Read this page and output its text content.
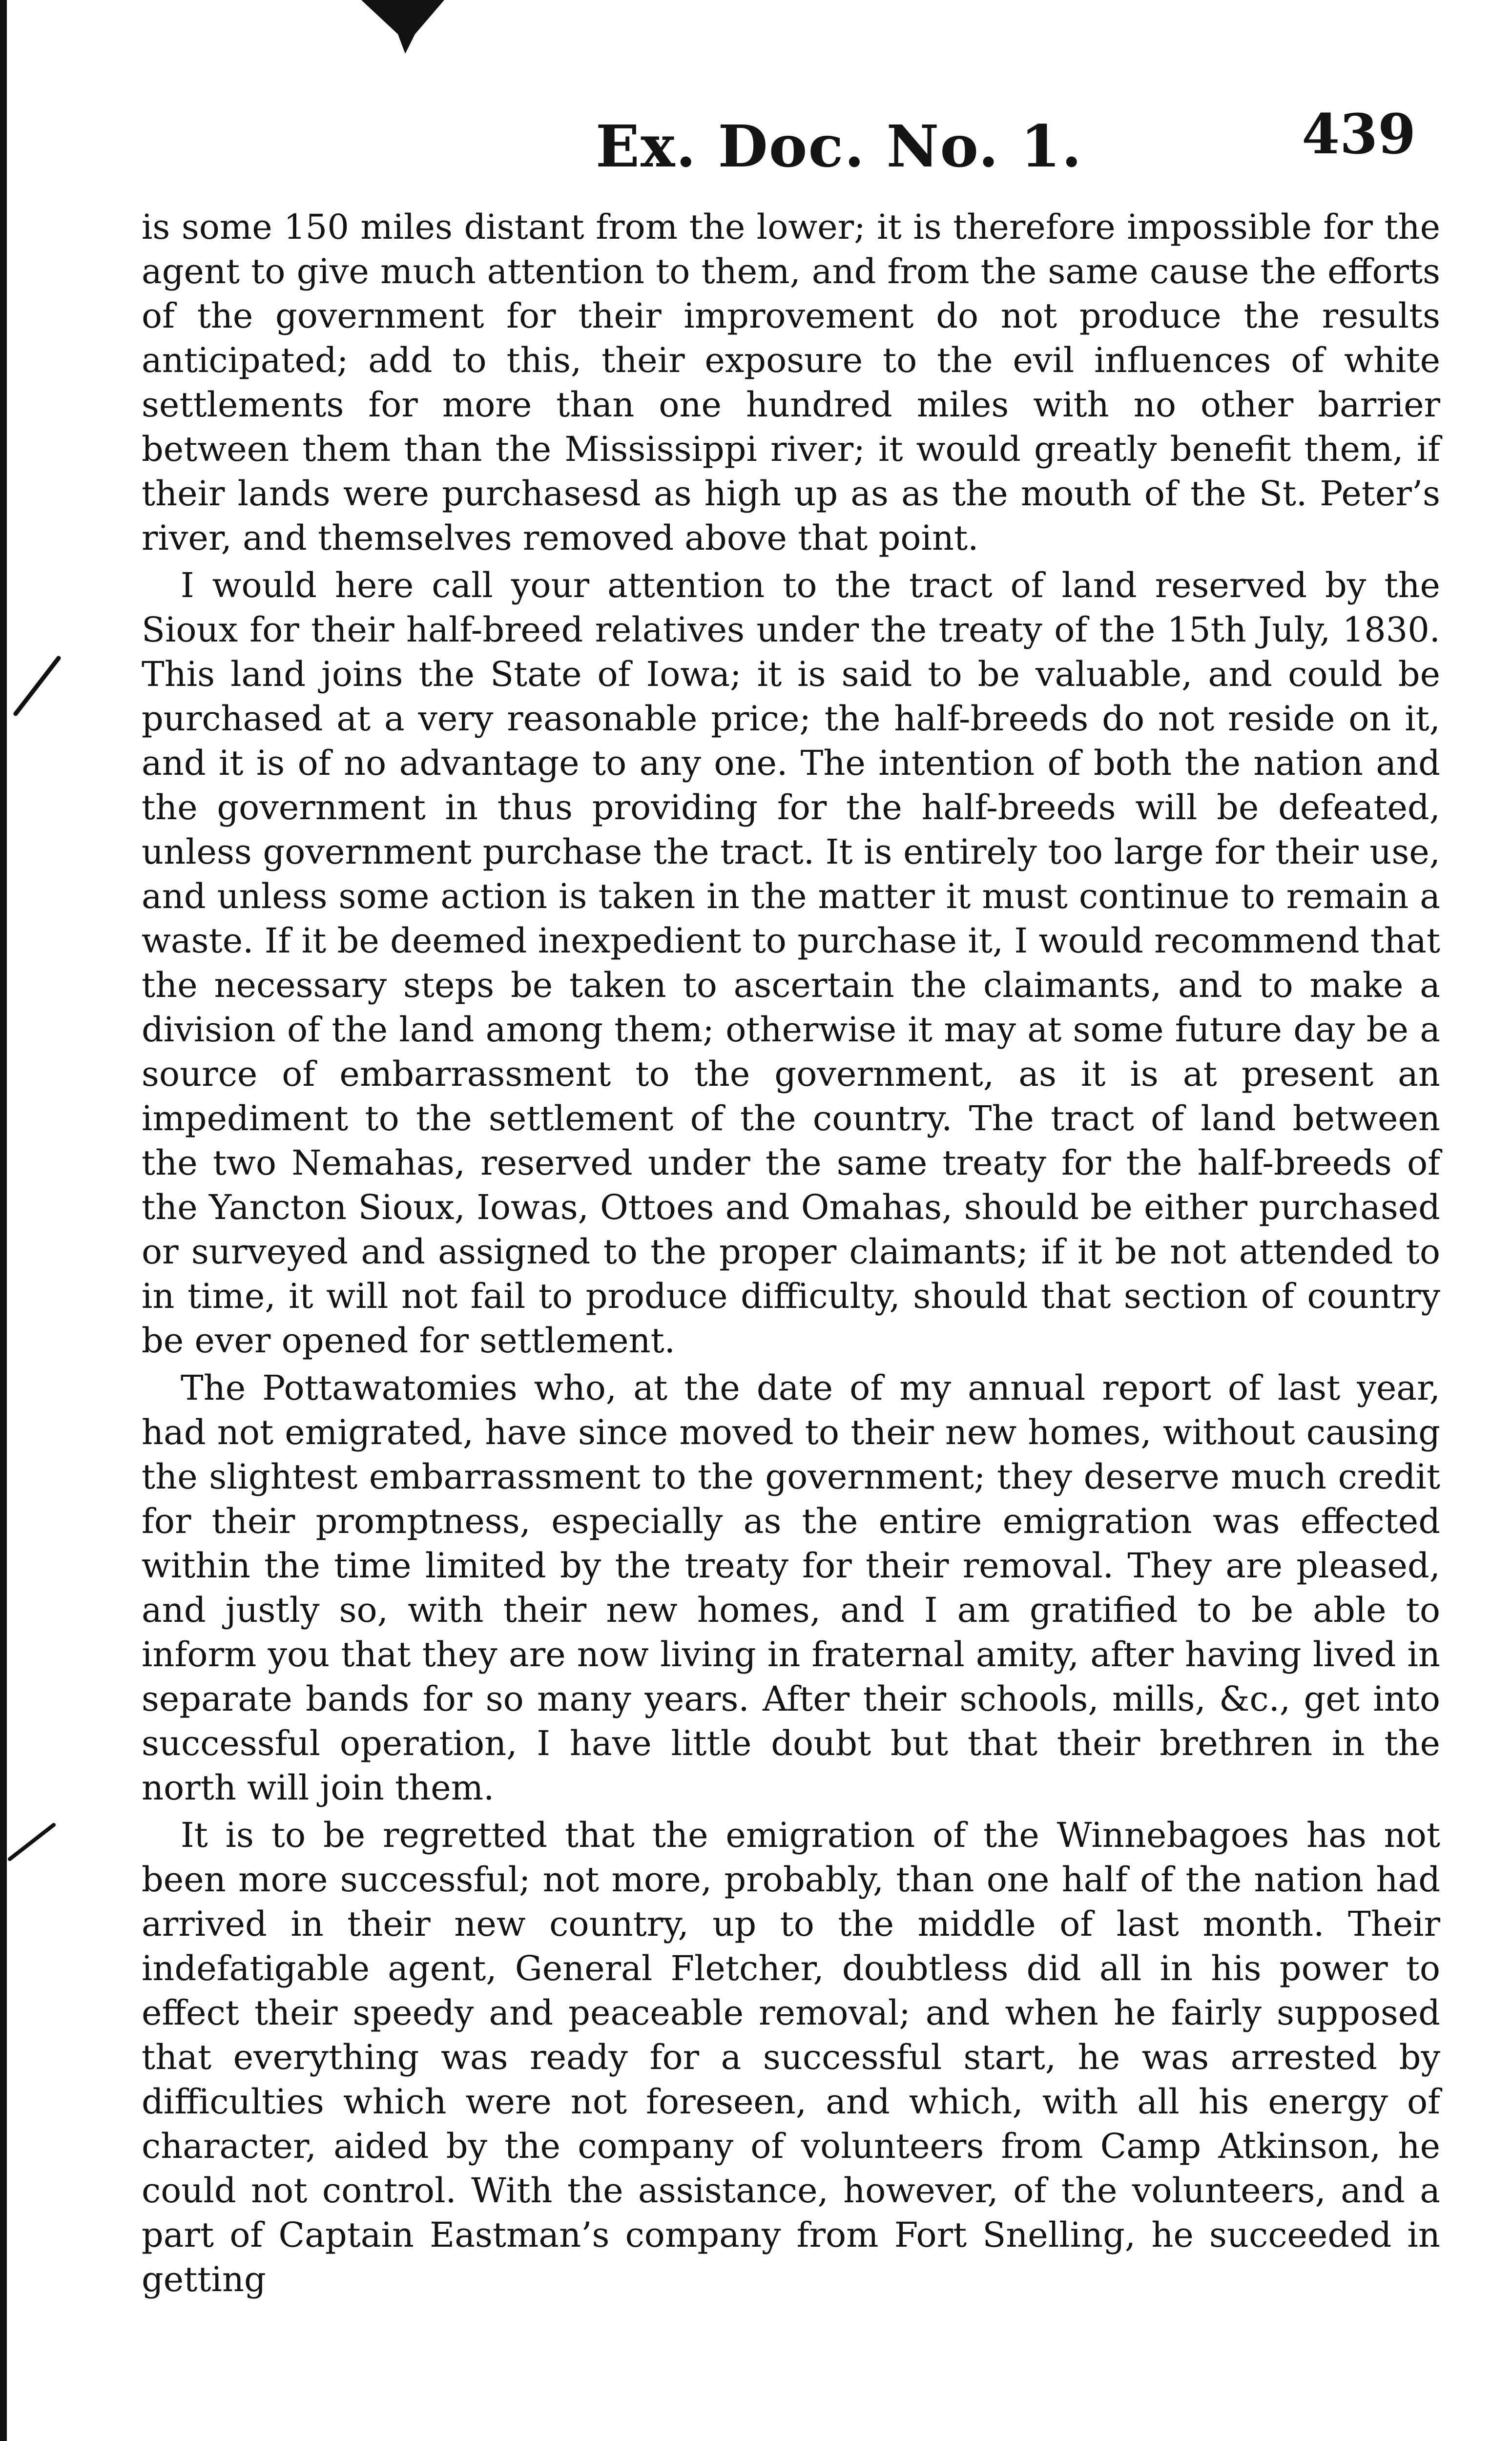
Ex. Doc. No. 1.	439

is some 150 miles distant from the lower; it is therefore impossible for the agent to give much attention to them, and from the same cause the efforts of the government for their improvement do not produce the results anticipated; add to this, their exposure to the evil influences of white settlements for more than one hundred miles with no other barrier between them than the Mississippi river; it would greatly benefit them, if their lands were purchasesd as high up as as the mouth of the St. Peter’s river, and themselves removed above that point.

I would here call your attention to the tract of land reserved by the Sioux for their half-breed relatives under the treaty of the 15th July, 1830. This land joins the State of Iowa; it is said to be valuable, and could be purchased at a very reasonable price; the half-breeds do not reside on it, and it is of no advantage to any one. The intention of both the nation and the government in thus providing for the half-breeds will be defeated, unless government purchase the tract. It is entirely too large for their use, and unless some action is taken in the matter it must continue to remain a waste. If it be deemed inexpedient to purchase it, I would recommend that the necessary steps be taken to ascertain the claimants, and to make a division of the land among them; otherwise it may at some future day be a source of embarrassment to the government, as it is at present an impediment to the settlement of the country. The tract of land between the two Nemahas, reserved under the same treaty for the half-breeds of the Yancton Sioux, Iowas, Ottoes and Omahas, should be either purchased or surveyed and assigned to the proper claimants; if it be not attended to in time, it will not fail to produce difficulty, should that section of country be ever opened for settlement.

The Pottawatomies who, at the date of my annual report of last year, had not emigrated, have since moved to their new homes, without causing the slightest embarrassment to the government; they deserve much credit for their promptness, especially as the entire emigration was effected within the time limited by the treaty for their removal. They are pleased, and justly so, with their new homes, and I am gratified to be able to inform you that they are now living in fraternal amity, after having lived in separate bands for so many years. After their schools, mills, &c., get into successful operation, I have little doubt but that their brethren in the north will join them.

It is to be regretted that the emigration of the Winnebagoes has not been more successful; not more, probably, than one half of the nation had arrived in their new country, up to the middle of last month. Their indefatigable agent, General Fletcher, doubtless did all in his power to effect their speedy and peaceable removal; and when he fairly supposed that everything was ready for a successful start, he was arrested by difficulties which were not foreseen, and which, with all his energy of character, aided by the company of volunteers from Camp Atkinson, he could not control. With the assistance, however, of the volunteers, and a part of Captain Eastman’s company from Fort Snelling, he succeeded in getting
